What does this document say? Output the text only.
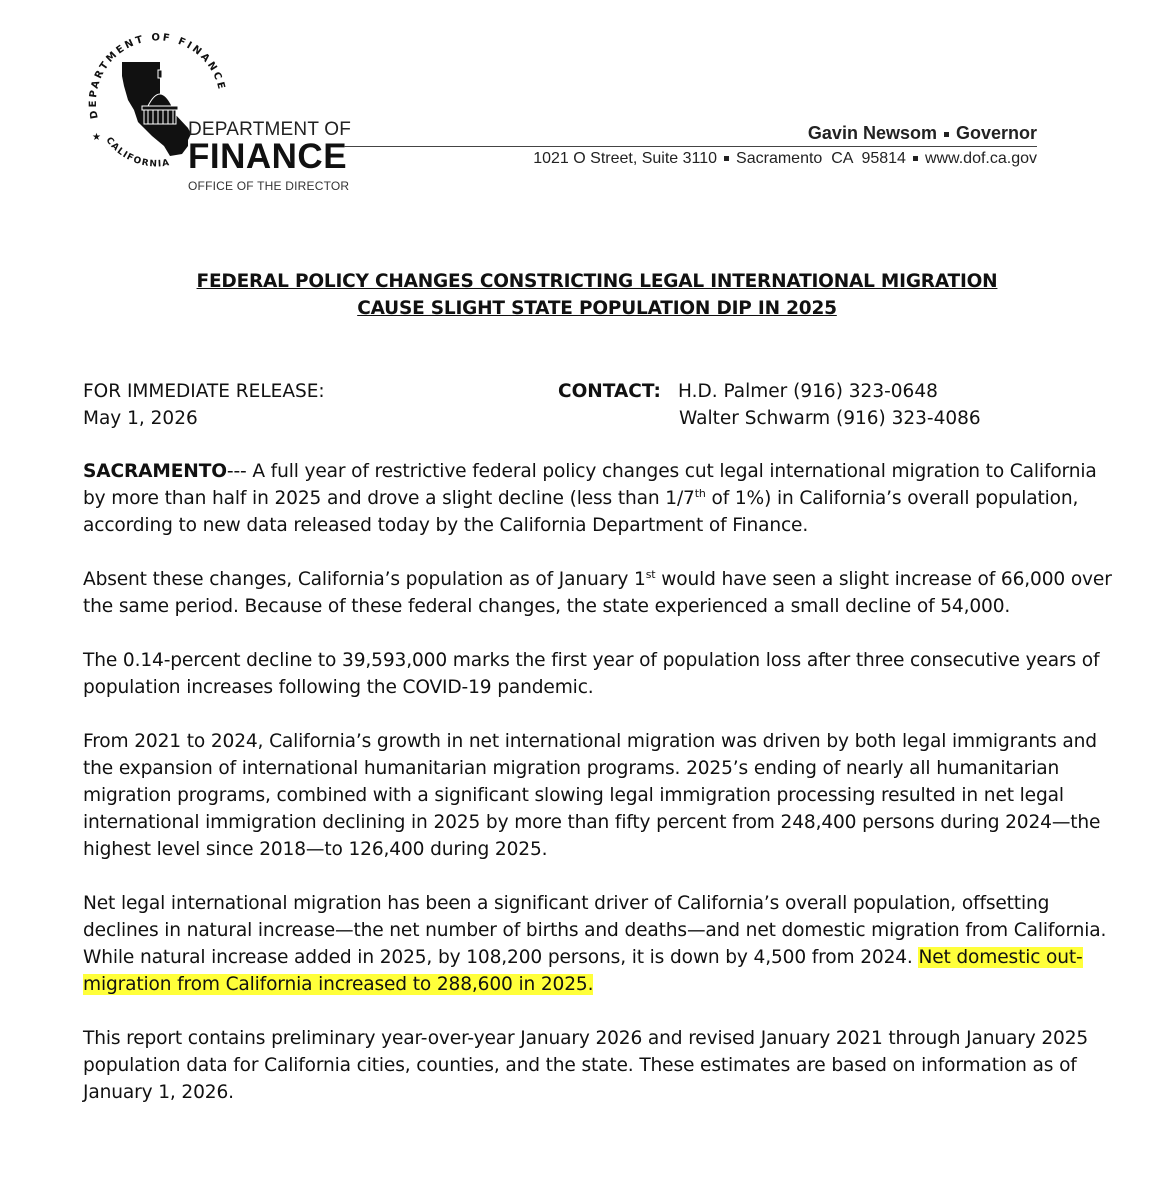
DEPARTMENT OF FINANCE
CALIFORNIA
★	DEPARTMENT OF
FINANCE
OFFICE OF THE DIRECTOR
Gavin Newsom Governor
1021 O Street, Suite 3110 Sacramento  CA  95814 www.dof.ca.gov
FEDERAL POLICY CHANGES CONSTRICTING LEGAL INTERNATIONAL MIGRATION
CAUSE SLIGHT STATE POPULATION DIP IN 2025
FOR IMMEDIATE RELEASE:
May 1, 2026
CONTACT: H.D. Palmer (916) 323-0648
Walter Schwarm (916) 323-4086

SACRAMENTO--- A full year of restrictive federal policy changes cut legal international migration to California by more than half in 2025 and drove a slight decline (less than 1/7th of 1%) in California’s overall population, according to new data released today by the California Department of Finance.

Absent these changes, California’s population as of January 1st would have seen a slight increase of 66,000 over the same period. Because of these federal changes, the state experienced a small decline of 54,000.

The 0.14-percent decline to 39,593,000 marks the first year of population loss after three consecutive years of population increases following the COVID-19 pandemic.

From 2021 to 2024, California’s growth in net international migration was driven by both legal immigrants and the expansion of international humanitarian migration programs. 2025’s ending of nearly all humanitarian migration programs, combined with a significant slowing legal immigration processing resulted in net legal international immigration declining in 2025 by more than fifty percent from 248,400 persons during 2024—the highest level since 2018—to 126,400 during 2025.

Net legal international migration has been a significant driver of California’s overall population, offsetting declines in natural increase—the net number of births and deaths—and net domestic migration from California.  While natural increase added in 2025, by 108,200 persons, it is down by 4,500 from 2024. Net domestic out-migration from California increased to 288,600 in 2025.

This report contains preliminary year-over-year January 2026 and revised January 2021 through January 2025 population data for California cities, counties, and the state. These estimates are based on information as of January 1, 2026.
